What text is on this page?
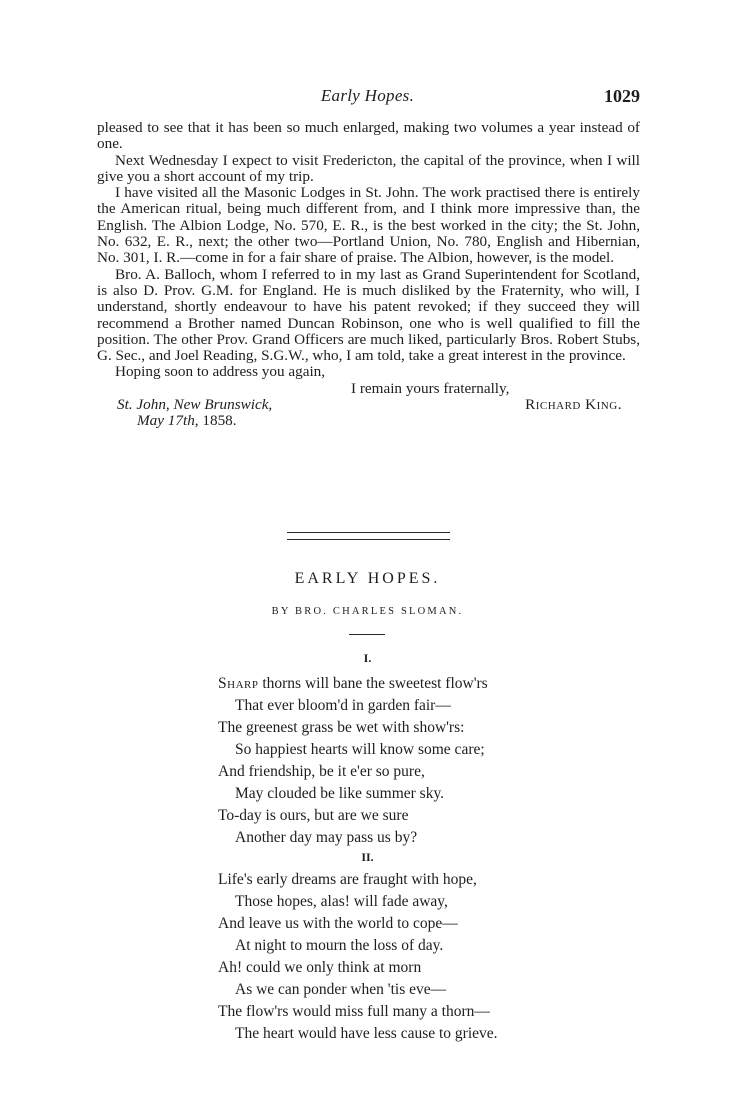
Early Hopes.	1029

pleased to see that it has been so much enlarged, making two volumes a year instead of one.

Next Wednesday I expect to visit Fredericton, the capital of the province, when I will give you a short account of my trip.

I have visited all the Masonic Lodges in St. John. The work practised there is entirely the American ritual, being much different from, and I think more impressive than, the English. The Albion Lodge, No. 570, E. R., is the best worked in the city; the St. John, No. 632, E. R., next; the other two—Portland Union, No. 780, English and Hibernian, No. 301, I. R.—come in for a fair share of praise. The Albion, however, is the model.

Bro. A. Balloch, whom I referred to in my last as Grand Superintendent for Scotland, is also D. Prov. G.M. for England. He is much disliked by the Fraternity, who will, I understand, shortly endeavour to have his patent revoked; if they succeed they will recommend a Brother named Duncan Robinson, one who is well qualified to fill the position. The other Prov. Grand Officers are much liked, particularly Bros. Robert Stubs, G. Sec., and Joel Reading, S.G.W., who, I am told, take a great interest in the province.

Hoping soon to address you again,

I remain yours fraternally,

St. John, New Brunswick,	Richard King.
May 17th, 1858.
EARLY HOPES.
BY BRO. CHARLES SLOMAN.
I.
Sharp thorns will bane the sweetest flow'rs
That ever bloom'd in garden fair—
The greenest grass be wet with show'rs:
So happiest hearts will know some care;
And friendship, be it e'er so pure,
May clouded be like summer sky.
To-day is ours, but are we sure
Another day may pass us by?
II.
Life's early dreams are fraught with hope,
Those hopes, alas! will fade away,
And leave us with the world to cope—
At night to mourn the loss of day.
Ah! could we only think at morn
As we can ponder when 'tis eve—
The flow'rs would miss full many a thorn—
The heart would have less cause to grieve.
